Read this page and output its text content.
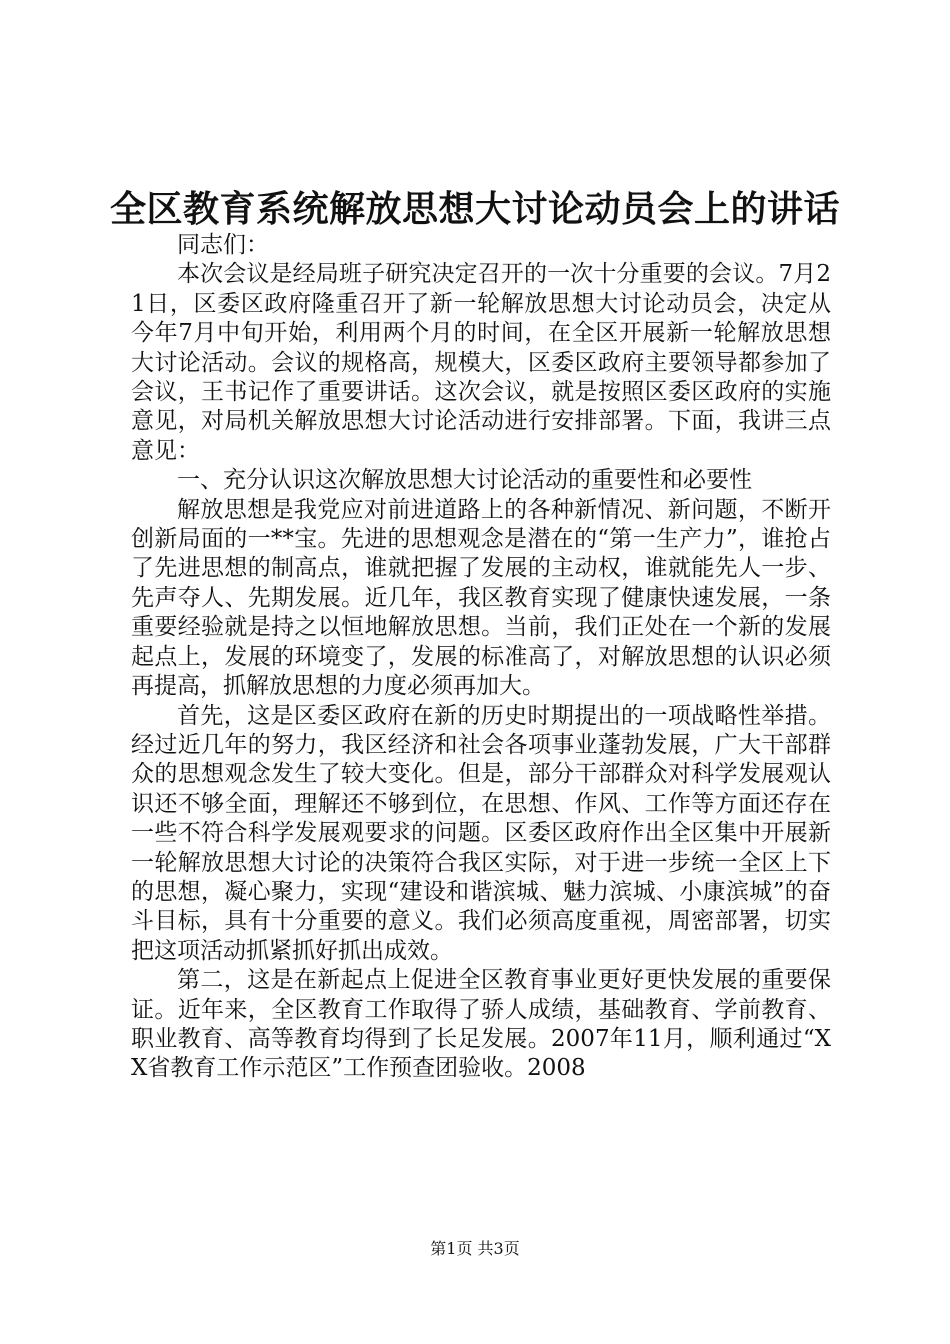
全区教育系统解放思想大讨论动员会上的讲话

同志们：

本次会议是经局班子研究决定召开的一次十分重要的会议。7月21日，区委区政府隆重召开了新一轮解放思想大讨论动员会，决定从今年7月中旬开始，利用两个月的时间，在全区开展新一轮解放思想大讨论活动。会议的规格高，规模大，区委区政府主要领导都参加了会议，王书记作了重要讲话。这次会议，就是按照区委区政府的实施意见，对局机关解放思想大讨论活动进行安排部署。下面，我讲三点意见：

一、充分认识这次解放思想大讨论活动的重要性和必要性

解放思想是我党应对前进道路上的各种新情况、新问题，不断开创新局面的一**宝。先进的思想观念是潜在的“第一生产力”，谁抢占了先进思想的制高点，谁就把握了发展的主动权，谁就能先人一步、先声夺人、先期发展。近几年，我区教育实现了健康快速发展，一条重要经验就是持之以恒地解放思想。当前，我们正处在一个新的发展起点上，发展的环境变了，发展的标准高了，对解放思想的认识必须再提高，抓解放思想的力度必须再加大。

首先，这是区委区政府在新的历史时期提出的一项战略性举措。经过近几年的努力，我区经济和社会各项事业蓬勃发展，广大干部群众的思想观念发生了较大变化。但是，部分干部群众对科学发展观认识还不够全面，理解还不够到位，在思想、作风、工作等方面还存在一些不符合科学发展观要求的问题。区委区政府作出全区集中开展新一轮解放思想大讨论的决策符合我区实际，对于进一步统一全区上下的思想，凝心聚力，实现“建设和谐滨城、魅力滨城、小康滨城”的奋斗目标，具有十分重要的意义。我们必须高度重视，周密部署，切实把这项活动抓紧抓好抓出成效。

第二，这是在新起点上促进全区教育事业更好更快发展的重要保证。近年来，全区教育工作取得了骄人成绩，基础教育、学前教育、职业教育、高等教育均得到了长足发展。2007年11月，顺利通过“XX省教育工作示范区”工作预查团验收。2008

第1页 共3页
